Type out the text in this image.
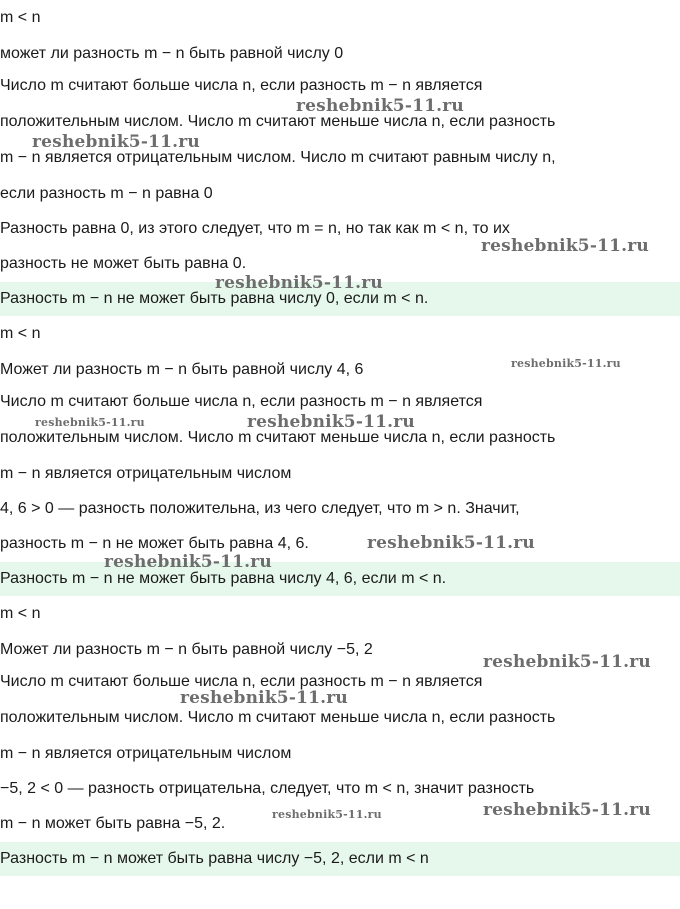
m < n
может ли разность m − n быть равной числу 0
Число m считают больше числа n, если разность m − n является
положительным числом. Число m считают меньше числа n, если разность
m − n является отрицательным числом. Число m считают равным числу n,
если разность m − n равна 0
Разность равна 0, из этого следует, что m = n, но так как m < n, то их
разность не может быть равна 0.
Разность m − n не может быть равна числу 0, если m < n.
m < n
Может ли разность m − n быть равной числу 4, 6
Число m считают больше числа n, если разность m − n является
положительным числом. Число m считают меньше числа n, если разность
m − n является отрицательным числом
4, 6 > 0 — разность положительна, из чего следует, что m > n. Значит,
разность m − n не может быть равна 4, 6.
Разность m − n не может быть равна числу 4, 6, если m < n.
m < n
Может ли разность m − n быть равной числу −5, 2
Число m считают больше числа n, если разность m − n является
положительным числом. Число m считают меньше числа n, если разность
m − n является отрицательным числом
−5, 2 < 0 — разность отрицательна, следует, что m < n, значит разность
m − n может быть равна −5, 2.
Разность m − n может быть равна числу −5, 2, если m < n
reshebnik5-11.ru
reshebnik5-11.ru
reshebnik5-11.ru
reshebnik5-11.ru
reshebnik5-11.ru
reshebnik5-11.ru	reshebnik5-11.ru
reshebnik5-11.ru
reshebnik5-11.ru
reshebnik5-11.ru
reshebnik5-11.ru
reshebnik5-11.ru
reshebnik5-11.ru
